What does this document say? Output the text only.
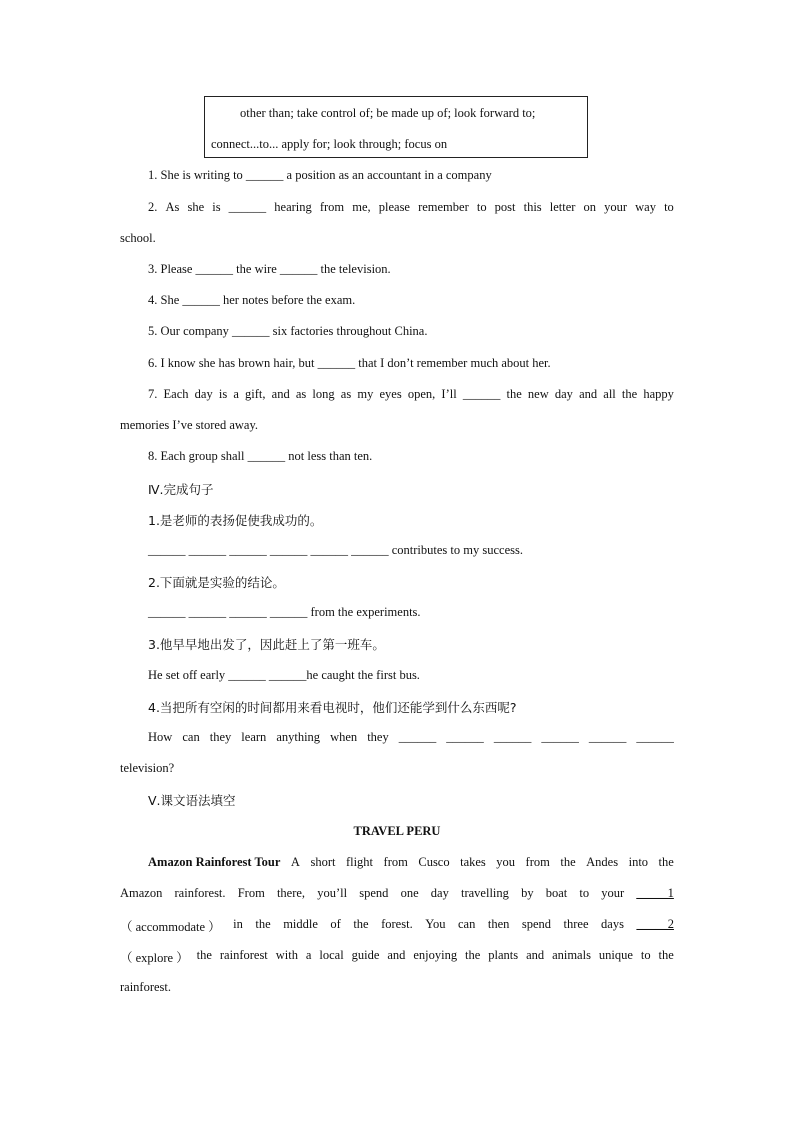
other than; take control of; be made up of; look forward to;
connect...to... apply for; look through; focus on
1. She is writing to ______ a position as an accountant in a company
2. As she is ______ hearing from me, please remember to post this letter on your way to
school.
3. Please ______ the wire ______ the television.
4. She ______ her notes before the exam.
5. Our company ______ six factories throughout China.
6. I know she has brown hair, but ______ that I don’t remember much about her.
7. Each day is a gift, and as long as my eyes open, I’ll ______ the new day and all the happy
memories I’ve stored away.
8. Each group shall ______ not less than ten.
Ⅳ.完成句子
1.是老师的表扬促使我成功的。
______ ______ ______ ______ ______ ______ contributes to my success.
2.下面就是实验的结论。
______ ______ ______ ______ from the experiments.
3.他早早地出发了，因此赶上了第一班车。
He set off early ______ ______he caught the first bus.
4.当把所有空闲的时间都用来看电视时，他们还能学到什么东西呢?
How can they learn anything when they ______ ______ ______ ______ ______ ______
television?
Ⅴ.课文语法填空
TRAVEL PERU
Amazon Rainforest Tour A short flight from Cusco takes you from the Andes into the
Amazon rainforest. From there, you’ll spend one day travelling by boat to your _____1
（ accommodate ） in the middle of the forest. You can then spend three days _____2
（ explore ） the rainforest with a local guide and enjoying the plants and animals unique to the
rainforest.
